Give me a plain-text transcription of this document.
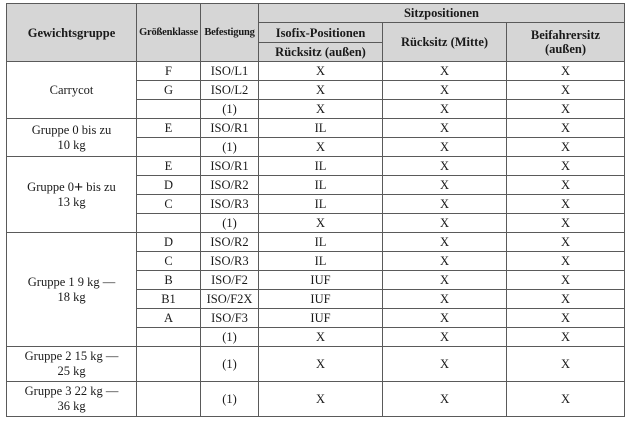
Gewichtsgruppe	Größenklasse	Befestigung	Sitzpositionen		
			Isofix-Positionen	Rücksitz (Mitte)	Beifahrersitz
(außen)
			Rücksitz (außen)		
Carrycot	F	ISO/L1	X	X	X
	G	ISO/L2	X	X	X
		(1)	X	X	X
Gruppe 0 bis zu
10 kg	E	ISO/R1	IL	X	X
		(1)	X	X	X
Gruppe 0+ bis zu
13 kg	E	ISO/R1	IL	X	X
	D	ISO/R2	IL	X	X
	C	ISO/R3	IL	X	X
		(1)	X	X	X
Gruppe 1 9 kg —
18 kg	D	ISO/R2	IL	X	X
	C	ISO/R3	IL	X	X
	B	ISO/F2	IUF	X	X
	B1	ISO/F2X	IUF	X	X
	A	ISO/F3	IUF	X	X
		(1)	X	X	X
Gruppe 2 15 kg —
25 kg		(1)	X	X	X
Gruppe 3 22 kg —
36 kg		(1)	X	X	X
